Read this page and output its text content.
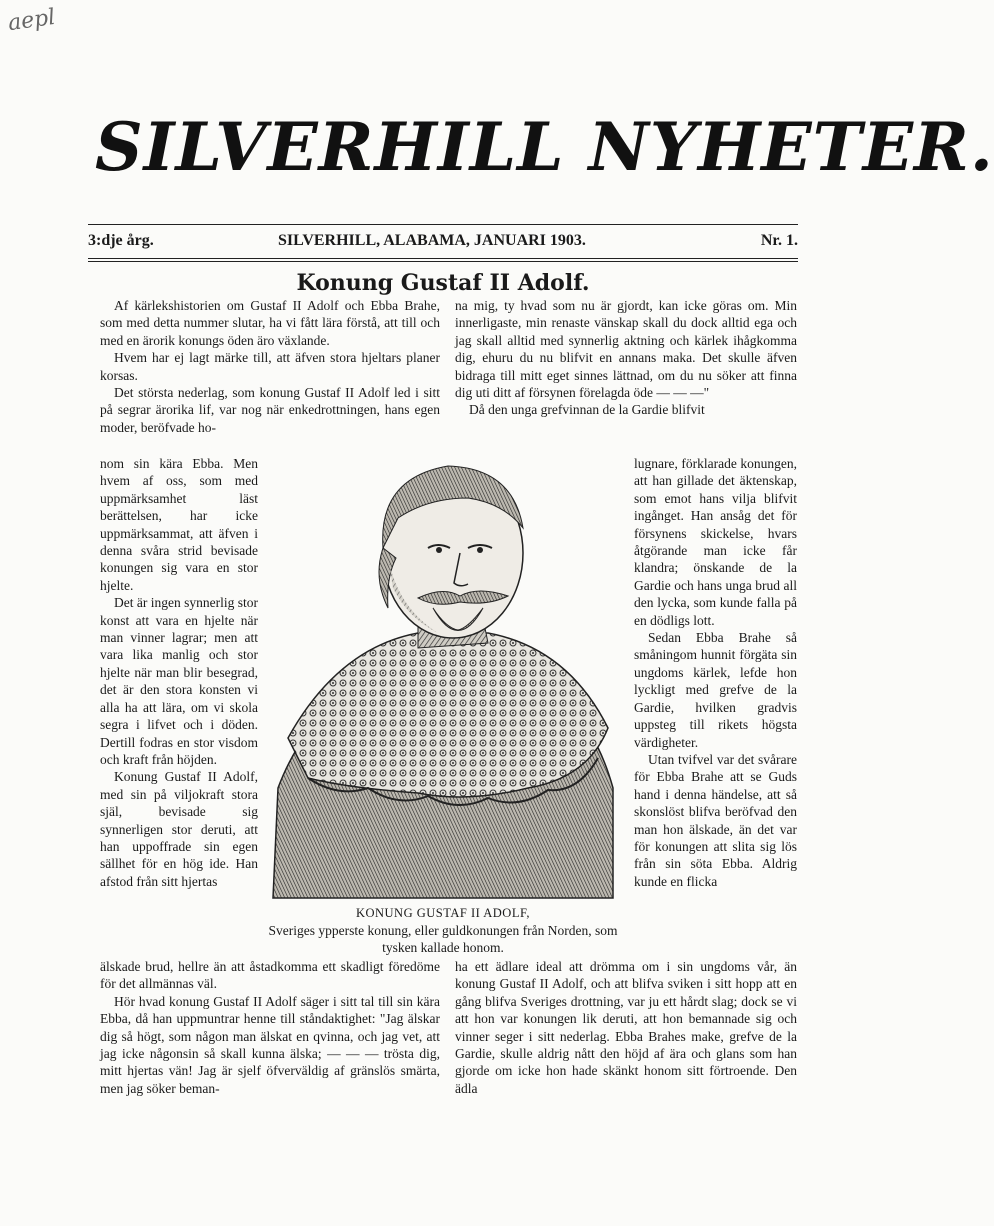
aepl
SILVERHILL NYHETER.
3:dje årg.	SILVERHILL, ALABAMA, JANUARI 1903.	Nr. 1.
Konung Gustaf II Adolf.

Af kärlekshistorien om Gustaf II Adolf och Ebba Brahe, som med detta nummer slutar, ha vi fått lära förstå, att till och med en ärorik konungs öden äro växlande.

Hvem har ej lagt märke till, att äfven stora hjeltars planer korsas.

Det största nederlag, som konung Gustaf II Adolf led i sitt på segrar ärorika lif, var nog när enkedrottningen, hans egen moder, beröfvade ho-

nom sin kära Ebba. Men hvem af oss, som med uppmärksamhet läst berättelsen, har icke uppmärksammat, att äfven i denna svåra strid bevisade konungen sig vara en stor hjelte.

Det är ingen synnerlig stor konst att vara en hjelte när man vinner lagrar; men att vara lika manlig och stor hjelte när man blir besegrad, det är den stora konsten vi alla ha att lära, om vi skola segra i lifvet och i döden. Dertill fodras en stor visdom och kraft från höjden.

Konung Gustaf II Adolf, med sin på viljokraft stora själ, bevisade sig synnerligen stor deruti, att han uppoffrade sin egen sällhet för en hög ide. Han afstod från sitt hjertas

KONUNG GUSTAF II ADOLF,
Sveriges ypperste konung, eller guldkonungen från Norden, som tysken kallade honom.

älskade brud, hellre än att åstadkomma ett skadligt föredöme för det allmännas väl.

Hör hvad konung Gustaf II Adolf säger i sitt tal till sin kära Ebba, då han uppmuntrar henne till ståndaktighet: "Jag älskar dig så högt, som någon man älskat en qvinna, och jag vet, att jag icke någonsin så skall kunna älska; — — — trösta dig, mitt hjertas vän! Jag är sjelf öfverväldig af gränslös smärta, men jag söker beman-

na mig, ty hvad som nu är gjordt, kan icke göras om. Min innerligaste, min renaste vänskap skall du dock alltid ega och jag skall alltid med synnerlig aktning och kärlek ihågkomma dig, ehuru du nu blifvit en annans maka. Det skulle äfven bidraga till mitt eget sinnes lättnad, om du nu söker att finna dig uti ditt af försynen förelagda öde — — —"

Då den unga grefvinnan de la Gardie blifvit

lugnare, förklarade konungen, att han gillade det äktenskap, som emot hans vilja blifvit ingånget. Han ansåg det för försynens skickelse, hvars åtgörande man icke får klandra; önskande de la Gardie och hans unga brud all den lycka, som kunde falla på en dödligs lott.

Sedan Ebba Brahe så småningom hunnit förgäta sin ungdoms kärlek, lefde hon lyckligt med grefve de la Gardie, hvilken gradvis uppsteg till rikets högsta värdigheter.

Utan tvifvel var det svårare för Ebba Brahe att se Guds hand i denna händelse, att så skonslöst blifva beröfvad den man hon älskade, än det var för konungen att slita sig lös från sin söta Ebba. Aldrig kunde en flicka

ha ett ädlare ideal att drömma om i sin ungdoms vår, än konung Gustaf II Adolf, och att blifva sviken i sitt hopp att en gång blifva Sveriges drottning, var ju ett hårdt slag; dock se vi att hon var konungen lik deruti, att hon bemannade sig och vinner seger i sitt nederlag. Ebba Brahes make, grefve de la Gardie, skulle aldrig nått den höjd af ära och glans som han gjorde om icke hon hade skänkt honom sitt förtroende. Den ädla
